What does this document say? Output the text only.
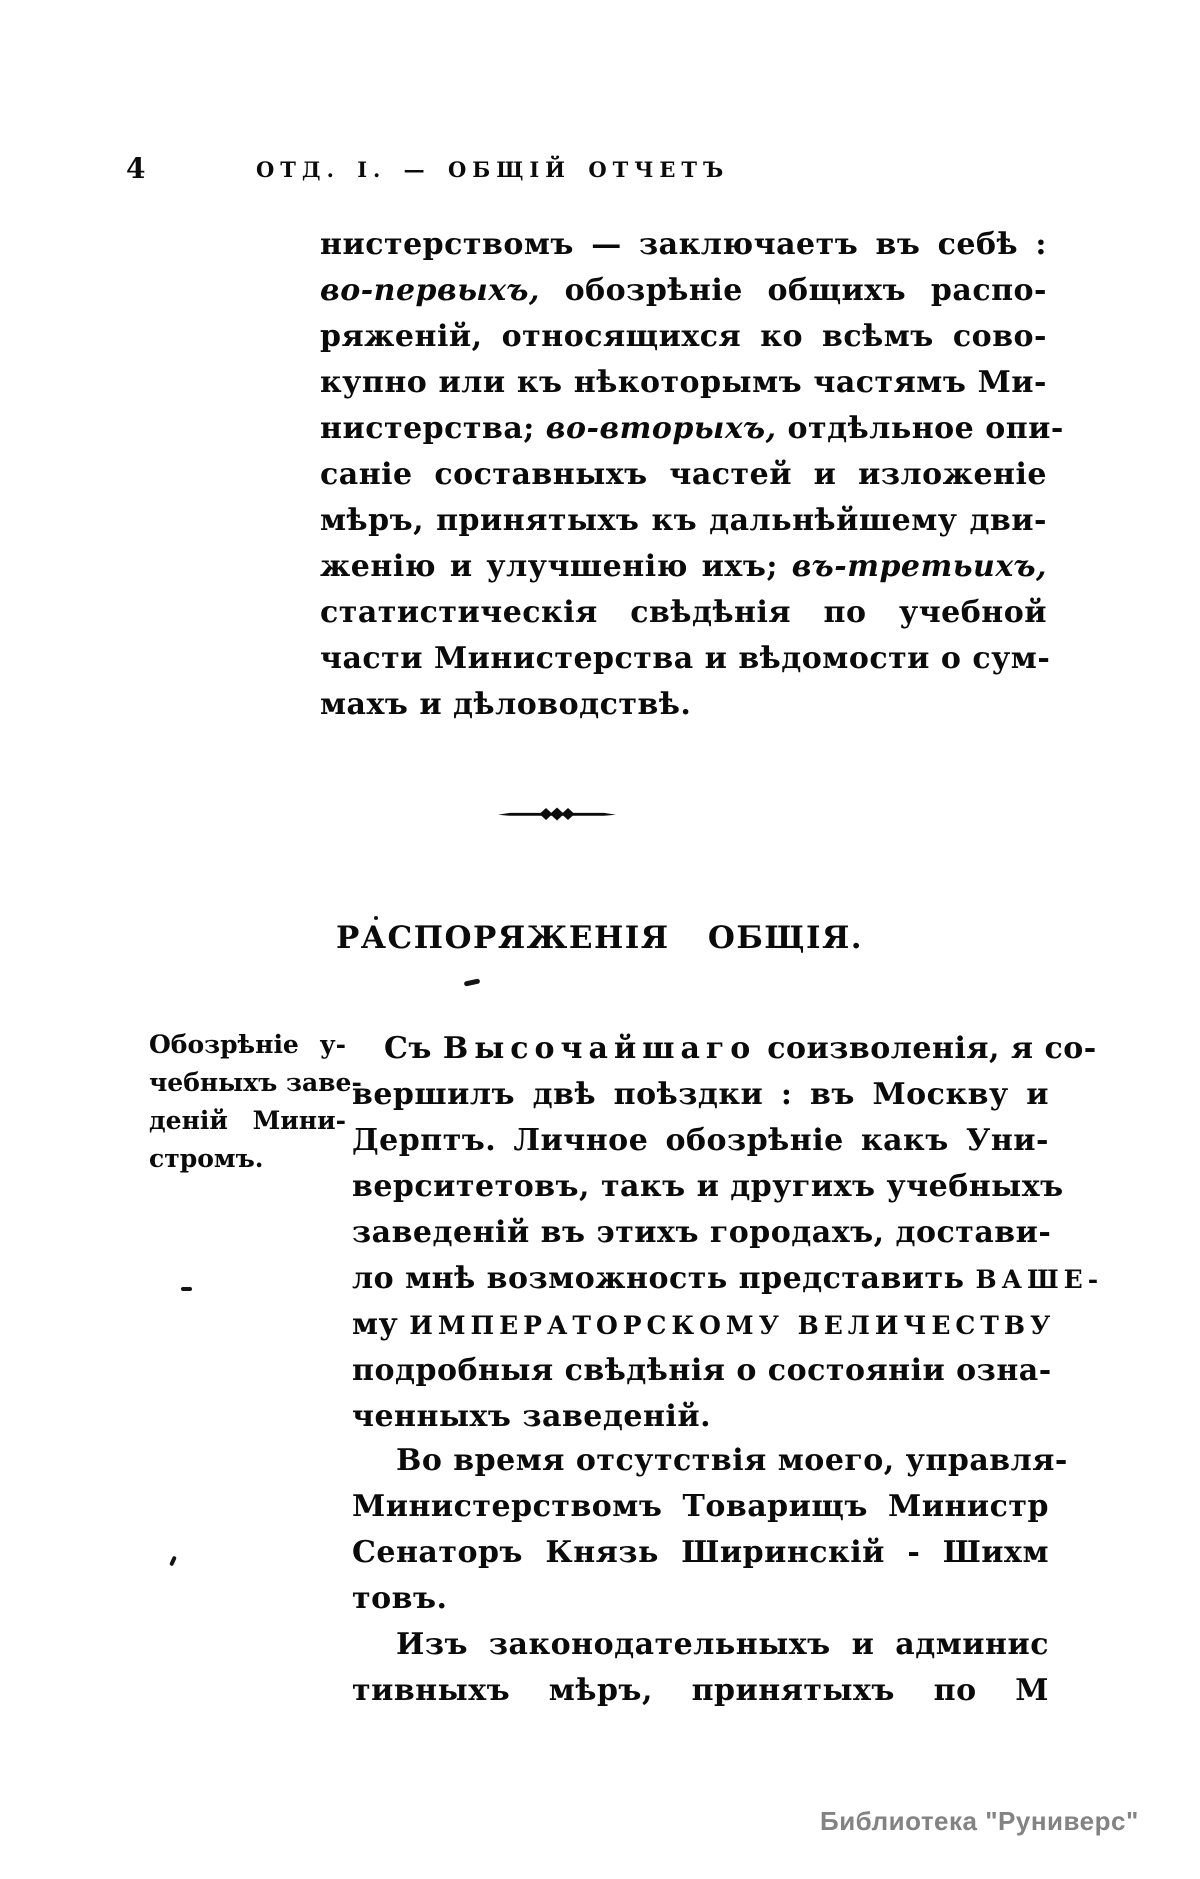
4	ОТД. I. — ОБЩІЙ ОТЧЕТЪ
нистерствомъ — заключаетъ въ себѣ :
во-первыхъ, обозрѣніе общихъ распо-
ряженій, относящихся ко всѣмъ сово-
купно или къ нѣкоторымъ частямъ Ми-
нистерства; во-вторыхъ, отдѣльное опи-
саніе составныхъ частей и изложеніе
мѣръ, принятыхъ къ дальнѣйшему дви-
женію и улучшенію ихъ; въ-третьихъ,
статистическія свѣдѣнія по учебной
части Министерства и вѣдомости о сум-
махъ и дѣловодствѣ.
РАСПОРЯЖЕНІЯ ОБЩІЯ.
Обозрѣніе у-
чебныхъ заве-
деній Мини-
стромъ.
Съ Высочайшаго соизволенія, я со-
вершилъ двѣ поѣздки : въ Москву и
Дерптъ. Личное обозрѣніе какъ Уни-
верситетовъ, такъ и другихъ учебныхъ
заведеній въ этихъ городахъ, достави-
ло мнѣ возможность представить ВАШЕ-
му ИМПЕРАТОРСКОМУ ВЕЛИЧЕСТВУ
подробныя свѣдѣнія о состояніи озна-
ченныхъ заведеній.
Во время отсутствія моего, управля-
Министерствомъ Товарищъ Министр
Сенаторъ Князь Ширинскій - Шихм
товъ.
Изъ законодательныхъ и админис
тивныхъ мѣръ, принятыхъ по М
Библиотека "Руниверс"
